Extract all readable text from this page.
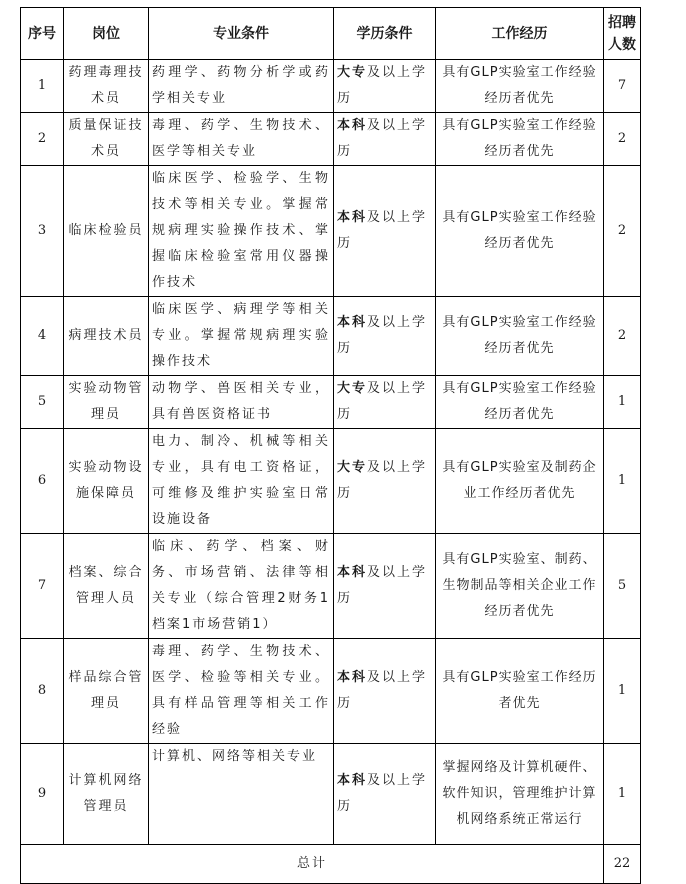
序号	岗位	专业条件	学历条件	工作经历	招聘人数
1	药理毒理技术员	药理学、药物分析学或药学相关专业	大专及以上学历	具有GLP实验室工作经验经历者优先	7
2	质量保证技术员	毒理、药学、生物技术、医学等相关专业	本科及以上学历	具有GLP实验室工作经验经历者优先	2
3	临床检验员	临床医学、检验学、生物技术等相关专业。掌握常规病理实验操作技术、掌握临床检验室常用仪器操作技术	本科及以上学历	具有GLP实验室工作经验经历者优先	2
4	病理技术员	临床医学、病理学等相关专业。掌握常规病理实验操作技术	本科及以上学历	具有GLP实验室工作经验经历者优先	2
5	实验动物管理员	动物学、兽医相关专业，具有兽医资格证书	大专及以上学历	具有GLP实验室工作经验经历者优先	1
6	实验动物设施保障员	电力、制冷、机械等相关专业，具有电工资格证，可维修及维护实验室日常设施设备	大专及以上学历	具有GLP实验室及制药企业工作经历者优先	1
7	档案、综合管理人员	临床、药学、档案、财务、市场营销、法律等相关专业（综合管理2财务1档案1市场营销1）	本科及以上学历	具有GLP实验室、制药、生物制品等相关企业工作经历者优先	5
8	样品综合管理员	毒理、药学、生物技术、医学、检验等相关专业。具有样品管理等相关工作经验	本科及以上学历	具有GLP实验室工作经历者优先	1
9	计算机网络管理员	计算机、网络等相关专业	本科及以上学历	掌握网络及计算机硬件、软件知识，管理维护计算机网络系统正常运行	1
总计					22
